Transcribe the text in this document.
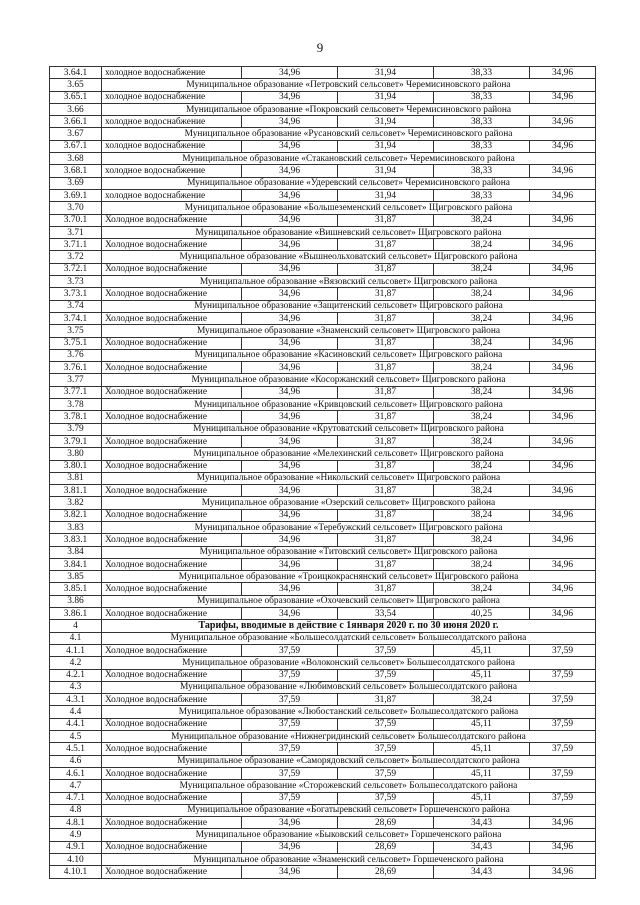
9
3.64.1	холодное водоснабжение	34,96	31,94	38,33	34,96
3.65	Муниципальное образование «Петровский сельсовет» Черемисиновского района				
3.65.1	холодное водоснабжение	34,96	31,94	38,33	34,96
3.66	Муниципальное образование «Покровский сельсовет» Черемисиновского района				
3.66.1	холодное водоснабжение	34,96	31,94	38,33	34,96
3.67	Муниципальное образование «Русановский сельсовет» Черемисиновского района				
3.67.1	холодное водоснабжение	34,96	31,94	38,33	34,96
3.68	Муниципальное образование «Стакановский сельсовет» Черемисиновского района				
3.68.1	холодное водоснабжение	34,96	31,94	38,33	34,96
3.69	Муниципальное образование «Удеревский сельсовет» Черемисиновского района				
3.69.1	холодное водоснабжение	34,96	31,94	38,33	34,96
3.70	Муниципальное образование «Большеземенский сельсовет» Щигровского района				
3.70.1	Холодное водоснабжение	34,96	31,87	38,24	34,96
3.71	Муниципальное образование «Вишневский сельсовет» Щигровского района				
3.71.1	Холодное водоснабжение	34,96	31,87	38,24	34,96
3.72	Муниципальное образование «Вышнеольховатский сельсовет» Щигровского района				
3.72.1	Холодное водоснабжение	34,96	31,87	38,24	34,96
3.73	Муниципальное образование «Вязовский сельсовет» Щигровского района				
3.73.1	Холодное водоснабжение	34,96	31,87	38,24	34,96
3.74	Муниципальное образование «Защитенский сельсовет» Щигровского района				
3.74.1	Холодное водоснабжение	34,96	31,87	38,24	34,96
3.75	Муниципальное образование «Знаменский сельсовет» Щигровского района				
3.75.1	Холодное водоснабжение	34,96	31,87	38,24	34,96
3.76	Муниципальное образование «Касиновский сельсовет» Щигровского района				
3.76.1	Холодное водоснабжение	34,96	31,87	38,24	34,96
3.77	Муниципальное образование «Косоржанский сельсовет» Щигровского района				
3.77.1	Холодное водоснабжение	34,96	31,87	38,24	34,96
3.78	Муниципальное образование «Кривцовский сельсовет» Щигровского района				
3.78.1	Холодное водоснабжение	34,96	31,87	38,24	34,96
3.79	Муниципальное образование «Крутоватский сельсовет» Щигровского района				
3.79.1	Холодное водоснабжение	34,96	31,87	38,24	34,96
3.80	Муниципальное образование «Мелехинский сельсовет» Щигровского района				
3.80.1	Холодное водоснабжение	34,96	31,87	38,24	34,96
3.81	Муниципальное образование «Никольский сельсовет» Щигровского района				
3.81.1	Холодное водоснабжение	34,96	31,87	38,24	34,96
3.82	Муниципальное образование «Озерский сельсовет» Щигровского района				
3.82.1	Холодное водоснабжение	34,96	31,87	38,24	34,96
3.83	Муниципальное образование «Теребужский сельсовет» Щигровского района				
3.83.1	Холодное водоснабжение	34,96	31,87	38,24	34,96
3.84	Муниципальное образование «Титовский сельсовет» Щигровского района				
3.84.1	Холодное водоснабжение	34,96	31,87	38,24	34,96
3.85	Муниципальное образование «Троицкокраснянский сельсовет» Щигровского района				
3.85.1	Холодное водоснабжение	34,96	31,87	38,24	34,96
3.86	Муниципальное образование «Охочевский сельсовет» Щигровского района				
3.86.1	Холодное водоснабжение	34,96	33,54	40,25	34,96
4	Тарифы, вводимые в действие с 1января 2020 г. по 30 июня 2020 г.				
4.1	Муниципальное образование «Большесолдатский сельсовет» Большесолдатского района				
4.1.1	Холодное водоснабжение	37,59	37,59	45,11	37,59
4.2	Муниципальное образование «Волоконский сельсовет» Большесолдатского района				
4.2.1	Холодное водоснабжение	37,59	37,59	45,11	37,59
4.3	Муниципальное образование «Любимовский сельсовет» Большесолдатского района				
4.3.1	Холодное водоснабжение	37,59	31,87	38,24	37,59
4.4	Муниципальное образование «Любостанский сельсовет» Большесолдатского района				
4.4.1	Холодное водоснабжение	37,59	37,59	45,11	37,59
4.5	Муниципальное образование «Нижнегридинский сельсовет» Большесолдатского района				
4.5.1	Холодное водоснабжение	37,59	37,59	45,11	37,59
4.6	Муниципальное образование «Саморядовский сельсовет» Большесолдатского района				
4.6.1	Холодное водоснабжение	37,59	37,59	45,11	37,59
4.7	Муниципальное образование «Сторожевский сельсовет» Большесолдатского района				
4.7.1	Холодное водоснабжение	37,59	37,59	45,11	37,59
4.8	Муниципальное образование «Богатыревский сельсовет» Горшеченского района				
4.8.1	Холодное водоснабжение	34,96	28,69	34,43	34,96
4.9	Муниципальное образование «Быковский сельсовет» Горшеченского района				
4.9.1	Холодное водоснабжение	34,96	28,69	34,43	34,96
4.10	Муниципальное образование «Знаменский сельсовет» Горшеченского района				
4.10.1	Холодное водоснабжение	34,96	28,69	34,43	34,96
